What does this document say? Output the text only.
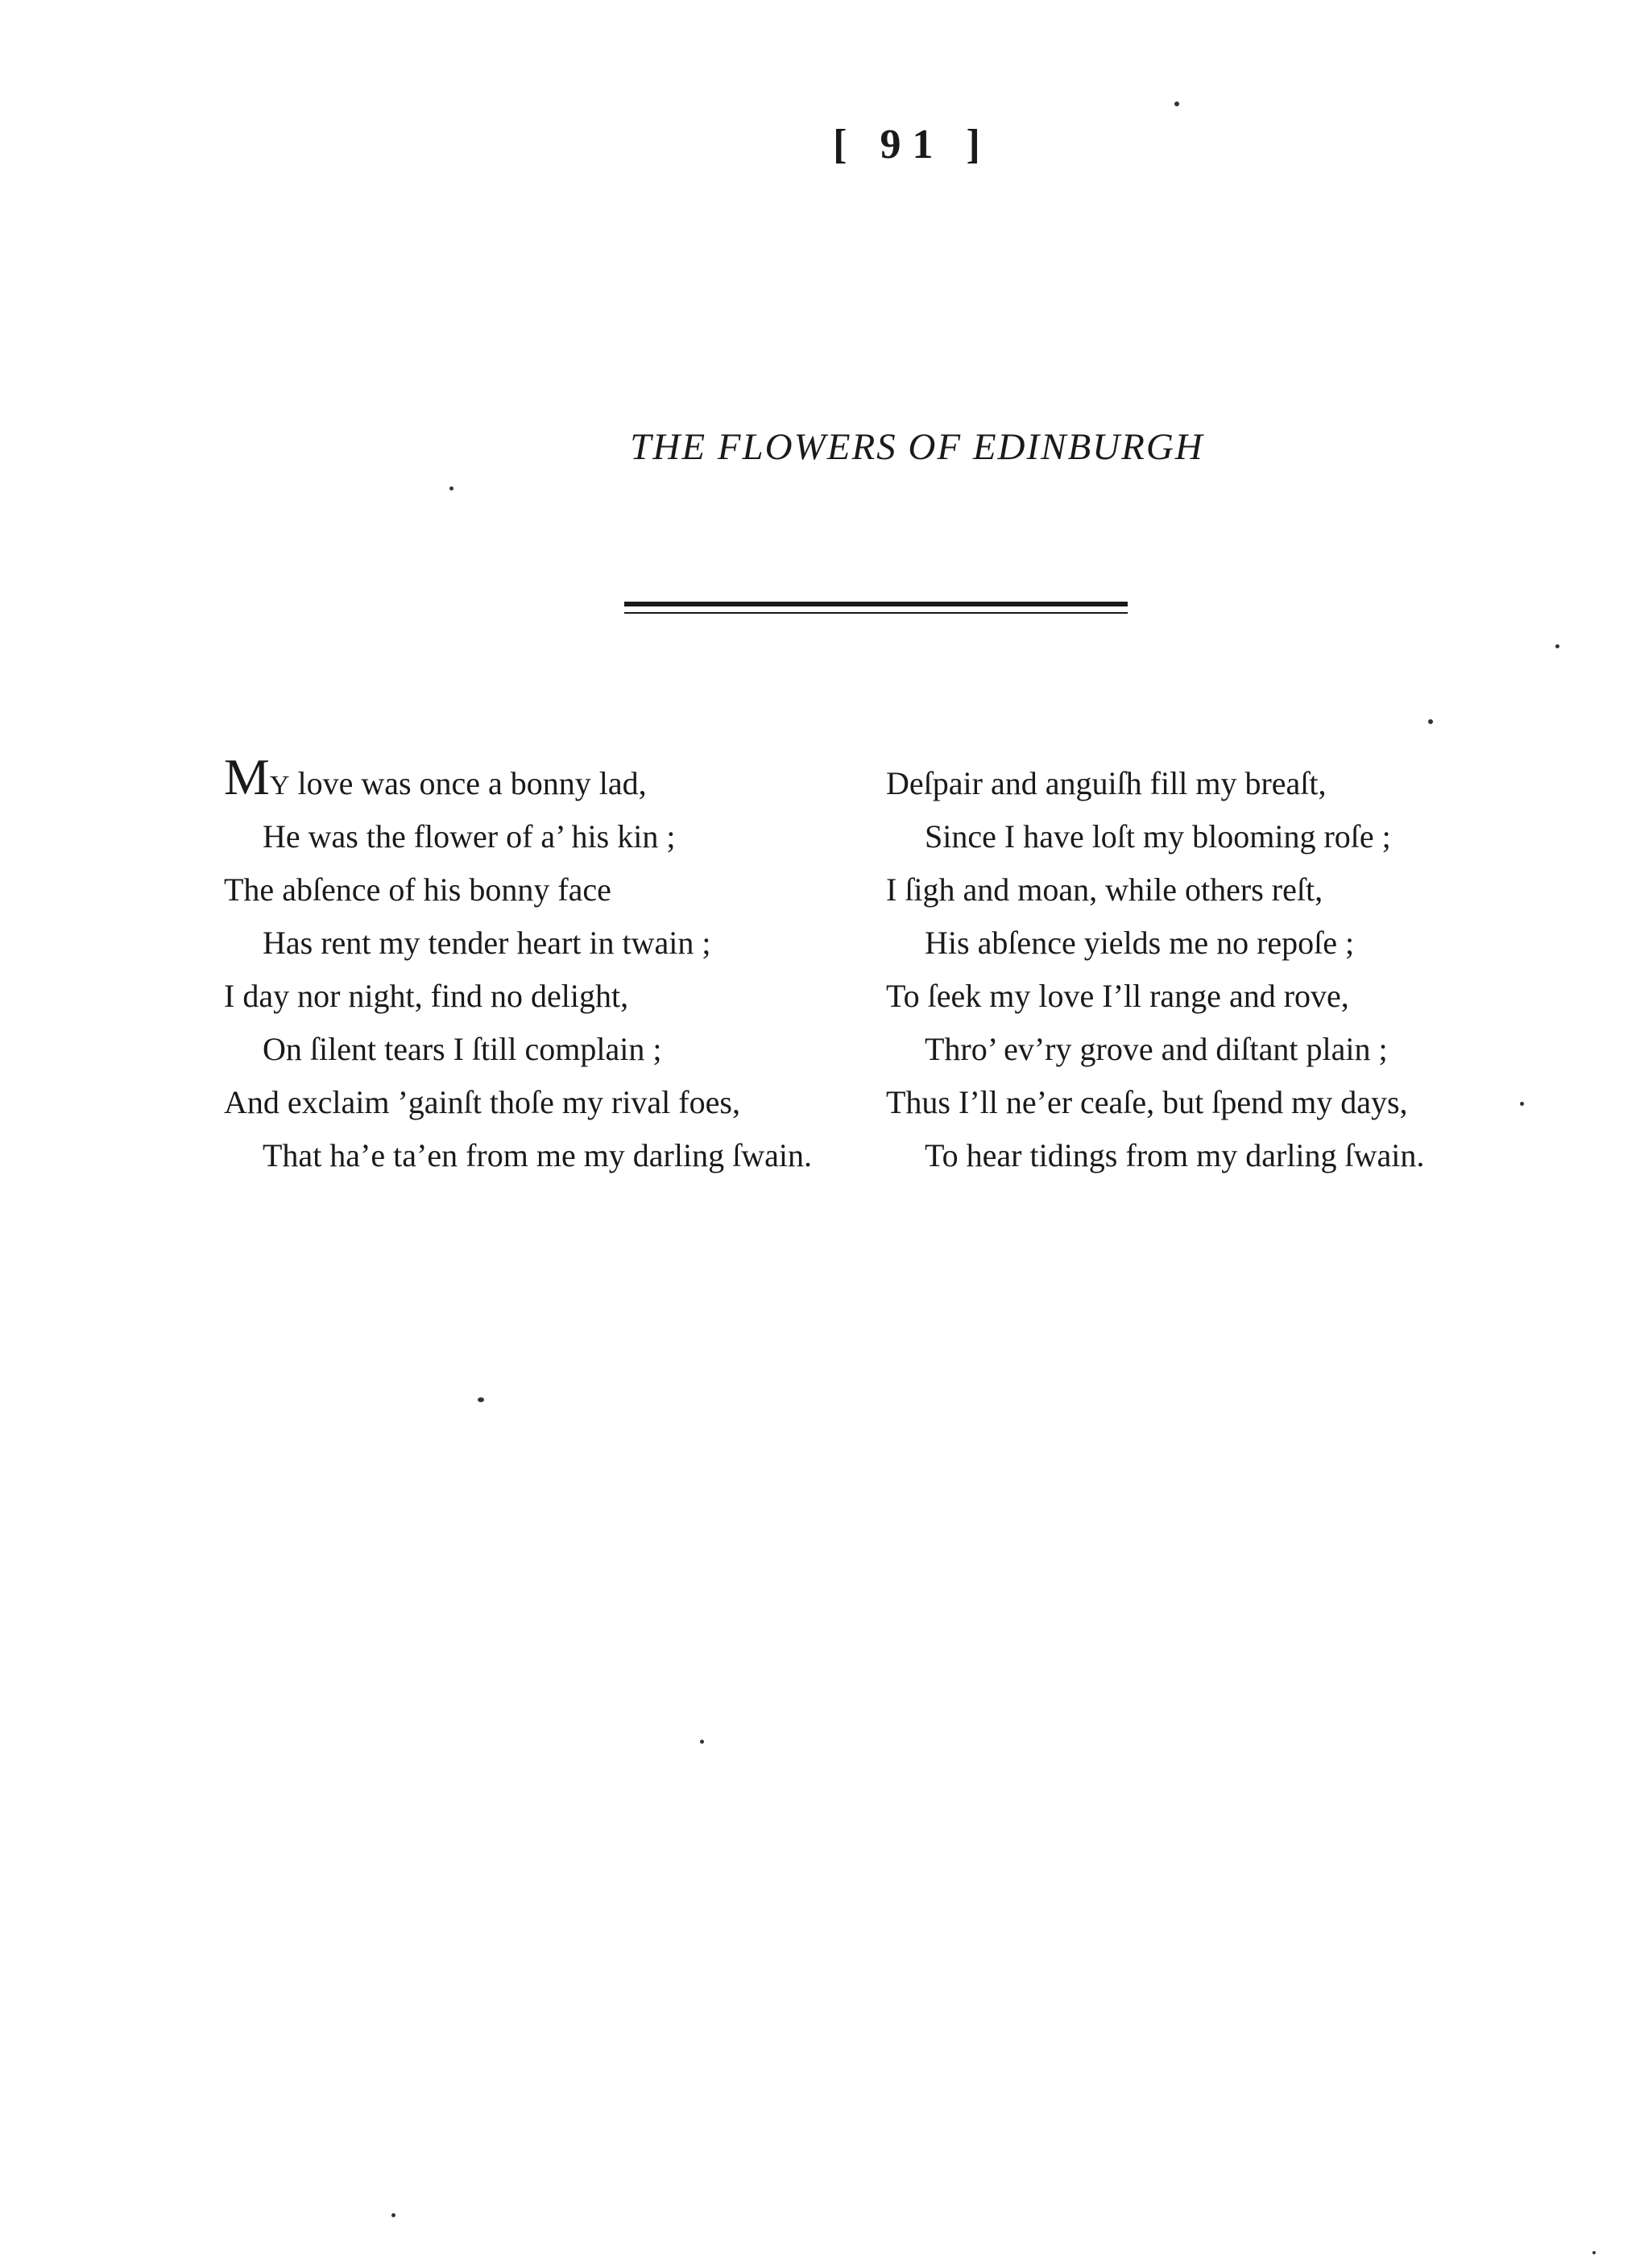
[ 91 ]
THE FLOWERS OF EDINBURGH
MY love was once a bonny lad,
He was the flower of a’ his kin ;
The abſence of his bonny face
Has rent my tender heart in twain ;
I day nor night, find no delight,
On ſilent tears I ſtill complain ;
And exclaim ’gainſt thoſe my rival foes,
That ha’e ta’en from me my darling ſwain.
Deſpair and anguiſh fill my breaſt,
Since I have loſt my blooming roſe ;
I ſigh and moan, while others reſt,
His abſence yields me no repoſe ;
To ſeek my love I’ll range and rove,
Thro’ ev’ry grove and diſtant plain ;
Thus I’ll ne’er ceaſe, but ſpend my days,
To hear tidings from my darling ſwain.
